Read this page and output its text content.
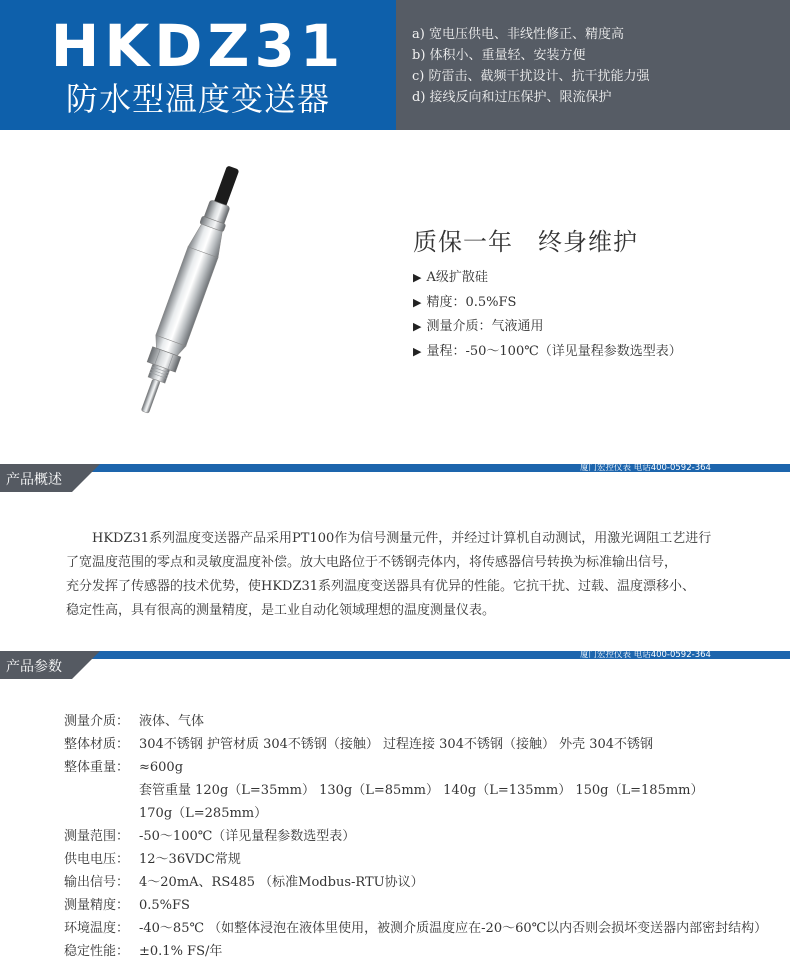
HKDZ31
防水型温度变送器
a) 宽电压供电、非线性修正、精度高
b) 体积小、重量轻、安装方便
c) 防雷击、截频干扰设计、抗干扰能力强
d) 接线反向和过压保护、限流保护
质保一年　终身维护
▶ A级扩散硅
▶ 精度：0.5%FS
▶ 测量介质：气液通用
▶ 量程：-50～100℃（详见量程参数选型表）
产品概述
厦门宏控仪表 电话400-0592-364

HKDZ31系列温度变送器产品采用PT100作为信号测量元件，并经过计算机自动测试，用激光调阻工艺进行

了宽温度范围的零点和灵敏度温度补偿。放大电路位于不锈钢壳体内，将传感器信号转换为标准输出信号，

充分发挥了传感器的技术优势，使HKDZ31系列温度变送器具有优异的性能。它抗干扰、过载、温度漂移小、

稳定性高，具有很高的测量精度，是工业自动化领域理想的温度测量仪表。

产品参数
厦门宏控仪表 电话400-0592-364
测量介质： 液体、气体
整体材质： 304不锈钢 护管材质 304不锈钢（接触） 过程连接 304不锈钢（接触） 外壳 304不锈钢
整体重量： ≈600g
套管重量 120g（L=35mm） 130g（L=85mm） 140g（L=135mm） 150g（L=185mm）
170g（L=285mm）
测量范围： -50～100℃（详见量程参数选型表）
供电电压： 12～36VDC常规
输出信号： 4～20mA、RS485 （标准Modbus-RTU协议）
测量精度： 0.5%FS
环境温度： -40～85℃ （如整体浸泡在液体里使用，被测介质温度应在-20～60℃以内否则会损坏变送器内部密封结构）
稳定性能： ±0.1% FS/年
